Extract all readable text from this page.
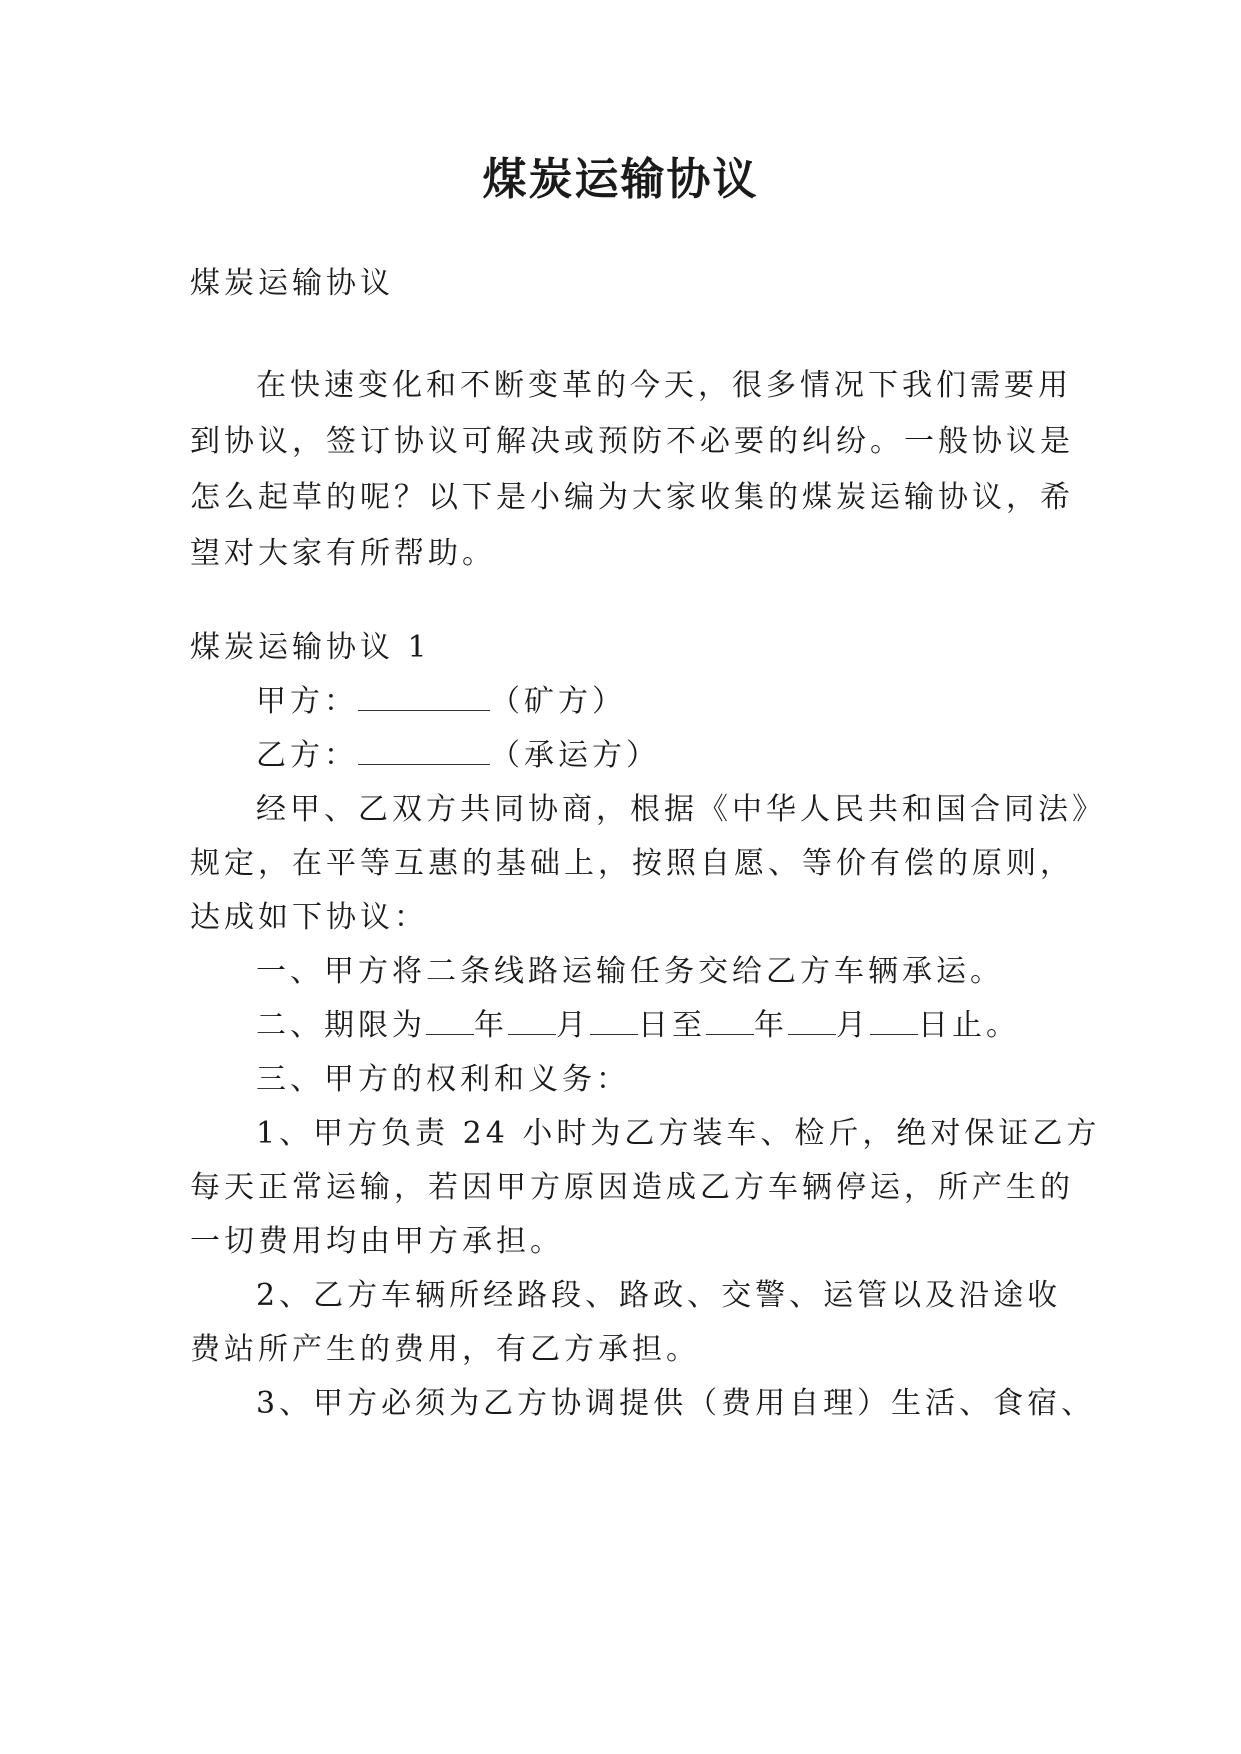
煤炭运输协议
煤炭运输协议
在快速变化和不断变革的今天，很多情况下我们需要用
到协议，签订协议可解决或预防不必要的纠纷。一般协议是
怎么起草的呢？以下是小编为大家收集的煤炭运输协议，希
望对大家有所帮助。
煤炭运输协议 1
甲方：	（矿方）
乙方：	（承运方）
经甲、乙双方共同协商，根据《中华人民共和国合同法》
规定，在平等互惠的基础上，按照自愿、等价有偿的原则，
达成如下协议：
一、甲方将二条线路运输任务交给乙方车辆承运。
二、期限为 年 月 日至 年 月 日止。
三、甲方的权利和义务：
1、甲方负责 24 小时为乙方装车、检斤，绝对保证乙方
每天正常运输，若因甲方原因造成乙方车辆停运，所产生的
一切费用均由甲方承担。
2、乙方车辆所经路段、路政、交警、运管以及沿途收
费站所产生的费用，有乙方承担。
3、甲方必须为乙方协调提供（费用自理）生活、食宿、
